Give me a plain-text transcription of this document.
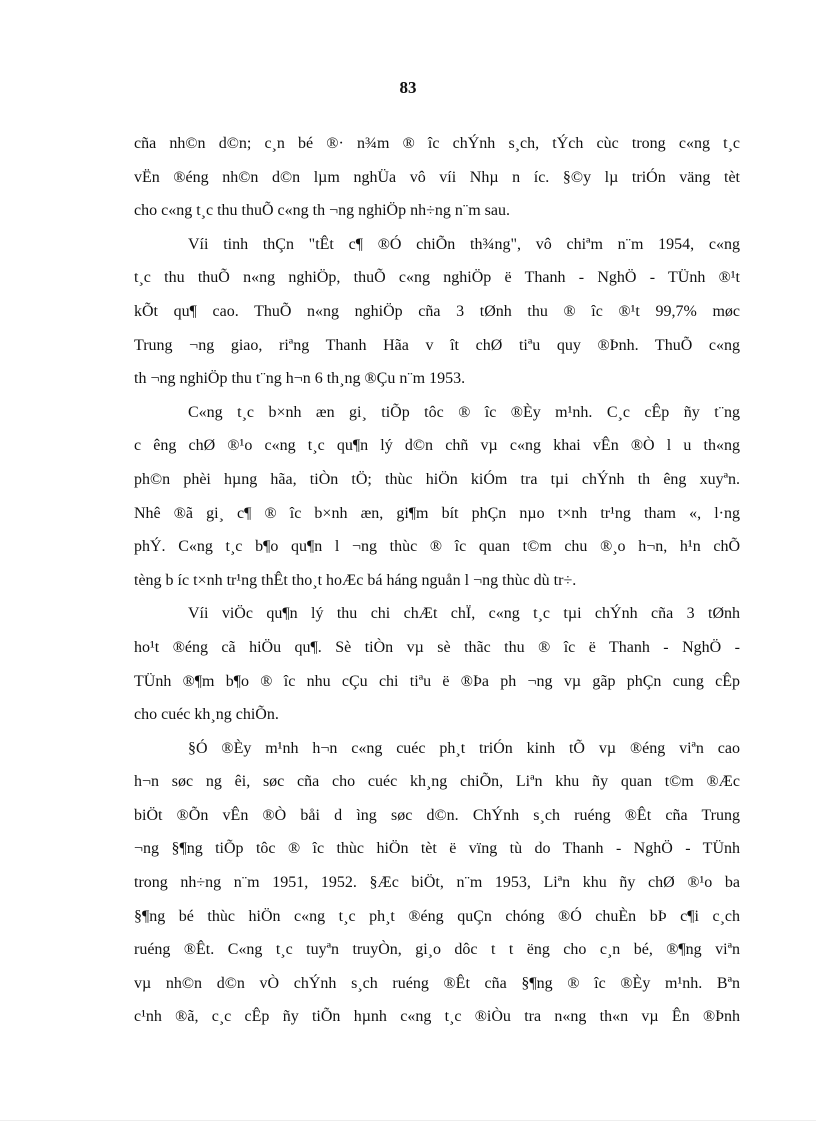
83
cña nh©n d©n; c¸n bé ®· n¾m ® îc chÝnh s¸ch, tÝch cùc trong c«ng t¸c
vËn ®éng nh©n d©n lµm nghÜa vô víi Nhµ n íc. §©y lµ triÓn väng tèt
cho c«ng t¸c thu thuÕ c«ng th ¬ng nghiÖp nh÷ng n¨m sau.
Víi tinh thÇn "tÊt c¶ ®Ó chiÕn th¾ng", vô chiªm n¨m 1954, c«ng
t¸c thu thuÕ n«ng nghiÖp, thuÕ c«ng nghiÖp ë Thanh - NghÖ - TÜnh ®¹t
kÕt qu¶ cao. ThuÕ n«ng nghiÖp cña 3 tØnh thu ® îc ®¹t 99,7% møc
Trung ¬ng giao, riªng Thanh Hãa v ît chØ tiªu quy ®Þnh. ThuÕ c«ng
th ¬ng nghiÖp thu t¨ng h¬n 6 th¸ng ®Çu n¨m 1953.
C«ng t¸c b×nh æn gi¸ tiÕp tôc ® îc ®Èy m¹nh. C¸c cÊp ñy t¨ng
c êng chØ ®¹o c«ng t¸c qu¶n lý d©n chñ vµ c«ng khai vÊn ®Ò l u th«ng
ph©n phèi hµng hãa, tiÒn tÖ; thùc hiÖn kiÓm tra tµi chÝnh th êng xuyªn.
Nhê ®ã gi¸ c¶ ® îc b×nh æn, gi¶m bít phÇn nµo t×nh tr¹ng tham «, l·ng
phÝ. C«ng t¸c b¶o qu¶n l ¬ng thùc ® îc quan t©m chu ®¸o h¬n, h¹n chÕ
tèng b íc t×nh tr¹ng thÊt tho¸t hoÆc bá háng nguån l ¬ng thùc dù tr÷.
Víi viÖc qu¶n lý thu chi chÆt chÏ, c«ng t¸c tµi chÝnh cña 3 tØnh
ho¹t ®éng cã hiÖu qu¶. Sè tiÒn vµ sè thãc thu ® îc ë Thanh - NghÖ -
TÜnh ®¶m b¶o ® îc nhu cÇu chi tiªu ë ®Þa ph ¬ng vµ gãp phÇn cung cÊp
cho cuéc kh¸ng chiÕn.
§Ó ®Èy m¹nh h¬n c«ng cuéc ph¸t triÓn kinh tÕ vµ ®éng viªn cao
h¬n søc ng êi, søc cña cho cuéc kh¸ng chiÕn, Liªn khu ñy quan t©m ®Æc
biÖt ®Õn vÊn ®Ò båi d ìng søc d©n. ChÝnh s¸ch ruéng ®Êt cña Trung
¬ng §¶ng tiÕp tôc ® îc thùc hiÖn tèt ë vïng tù do Thanh - NghÖ - TÜnh
trong nh÷ng n¨m 1951, 1952. §Æc biÖt, n¨m 1953, Liªn khu ñy chØ ®¹o ba
§¶ng bé thùc hiÖn c«ng t¸c ph¸t ®éng quÇn chóng ®Ó chuÈn bÞ c¶i c¸ch
ruéng ®Êt. C«ng t¸c tuyªn truyÒn, gi¸o dôc t t ëng cho c¸n bé, ®¶ng viªn
vµ nh©n d©n vÒ chÝnh s¸ch ruéng ®Êt cña §¶ng ® îc ®Èy m¹nh. Bªn
c¹nh ®ã, c¸c cÊp ñy tiÕn hµnh c«ng t¸c ®iÒu tra n«ng th«n vµ Ên ®Þnh
